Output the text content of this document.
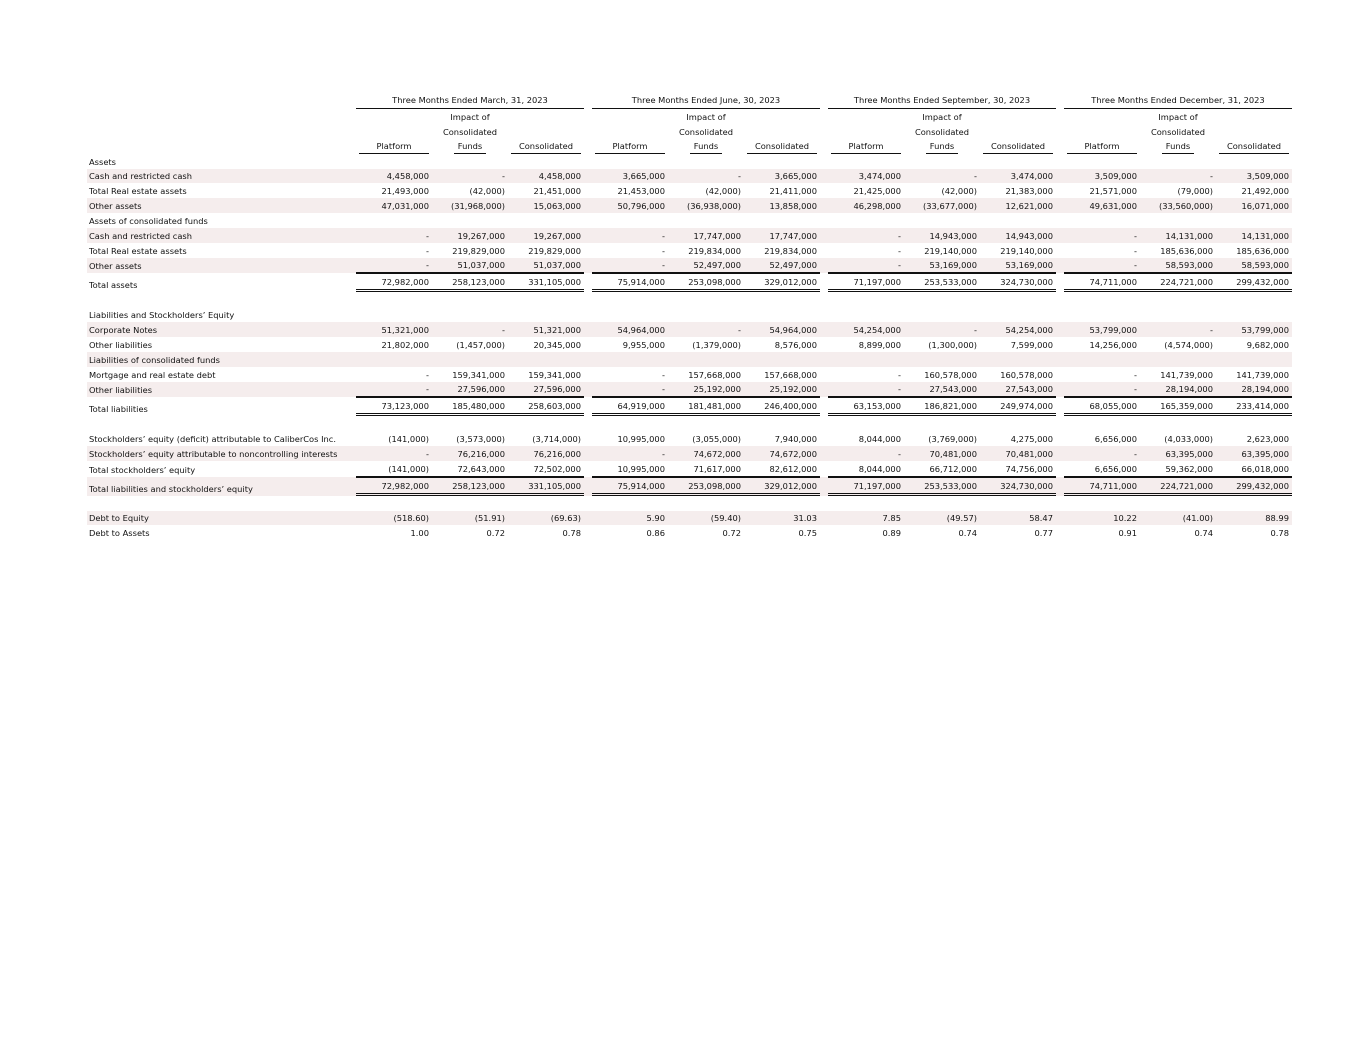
		Three Months Ended March, 31, 2023				Three Months Ended June, 30, 2023				Three Months Ended September, 30, 2023				Three Months Ended December, 31, 2023		
			Impact of				Impact of				Impact of				Impact of	
			Consolidated				Consolidated				Consolidated				Consolidated	
		Platform	Funds	Consolidated		Platform	Funds	Consolidated		Platform	Funds	Consolidated		Platform	Funds	Consolidated
Assets																
Cash and restricted cash		4,458,000	-	4,458,000		3,665,000	-	3,665,000		3,474,000	-	3,474,000		3,509,000	-	3,509,000
Total Real estate assets		21,493,000	(42,000)	21,451,000		21,453,000	(42,000)	21,411,000		21,425,000	(42,000)	21,383,000		21,571,000	(79,000)	21,492,000
Other assets		47,031,000	(31,968,000)	15,063,000		50,796,000	(36,938,000)	13,858,000		46,298,000	(33,677,000)	12,621,000		49,631,000	(33,560,000)	16,071,000
Assets of consolidated funds																
Cash and restricted cash		-	19,267,000	19,267,000		-	17,747,000	17,747,000		-	14,943,000	14,943,000		-	14,131,000	14,131,000
Total Real estate assets		-	219,829,000	219,829,000		-	219,834,000	219,834,000		-	219,140,000	219,140,000		-	185,636,000	185,636,000
Other assets		-	51,037,000	51,037,000		-	52,497,000	52,497,000		-	53,169,000	53,169,000		-	58,593,000	58,593,000
Total assets		72,982,000	258,123,000	331,105,000		75,914,000	253,098,000	329,012,000		71,197,000	253,533,000	324,730,000		74,711,000	224,721,000	299,432,000

Liabilities and Stockholders’ Equity																
Corporate Notes		51,321,000	-	51,321,000		54,964,000	-	54,964,000		54,254,000	-	54,254,000		53,799,000	-	53,799,000
Other liabilities		21,802,000	(1,457,000)	20,345,000		9,955,000	(1,379,000)	8,576,000		8,899,000	(1,300,000)	7,599,000		14,256,000	(4,574,000)	9,682,000
Liabilities of consolidated funds																
Mortgage and real estate debt		-	159,341,000	159,341,000		-	157,668,000	157,668,000		-	160,578,000	160,578,000		-	141,739,000	141,739,000
Other liabilities		-	27,596,000	27,596,000		-	25,192,000	25,192,000		-	27,543,000	27,543,000		-	28,194,000	28,194,000
Total liabilities		73,123,000	185,480,000	258,603,000		64,919,000	181,481,000	246,400,000		63,153,000	186,821,000	249,974,000		68,055,000	165,359,000	233,414,000

Stockholders’ equity (deficit) attributable to CaliberCos Inc.		(141,000)	(3,573,000)	(3,714,000)		10,995,000	(3,055,000)	7,940,000		8,044,000	(3,769,000)	4,275,000		6,656,000	(4,033,000)	2,623,000
Stockholders’ equity attributable to noncontrolling interests		-	76,216,000	76,216,000		-	74,672,000	74,672,000		-	70,481,000	70,481,000		-	63,395,000	63,395,000
Total stockholders’ equity		(141,000)	72,643,000	72,502,000		10,995,000	71,617,000	82,612,000		8,044,000	66,712,000	74,756,000		6,656,000	59,362,000	66,018,000
Total liabilities and stockholders’ equity		72,982,000	258,123,000	331,105,000		75,914,000	253,098,000	329,012,000		71,197,000	253,533,000	324,730,000		74,711,000	224,721,000	299,432,000

Debt to Equity		(518.60)	(51.91)	(69.63)		5.90	(59.40)	31.03		7.85	(49.57)	58.47		10.22	(41.00)	88.99
Debt to Assets		1.00	0.72	0.78		0.86	0.72	0.75		0.89	0.74	0.77		0.91	0.74	0.78
